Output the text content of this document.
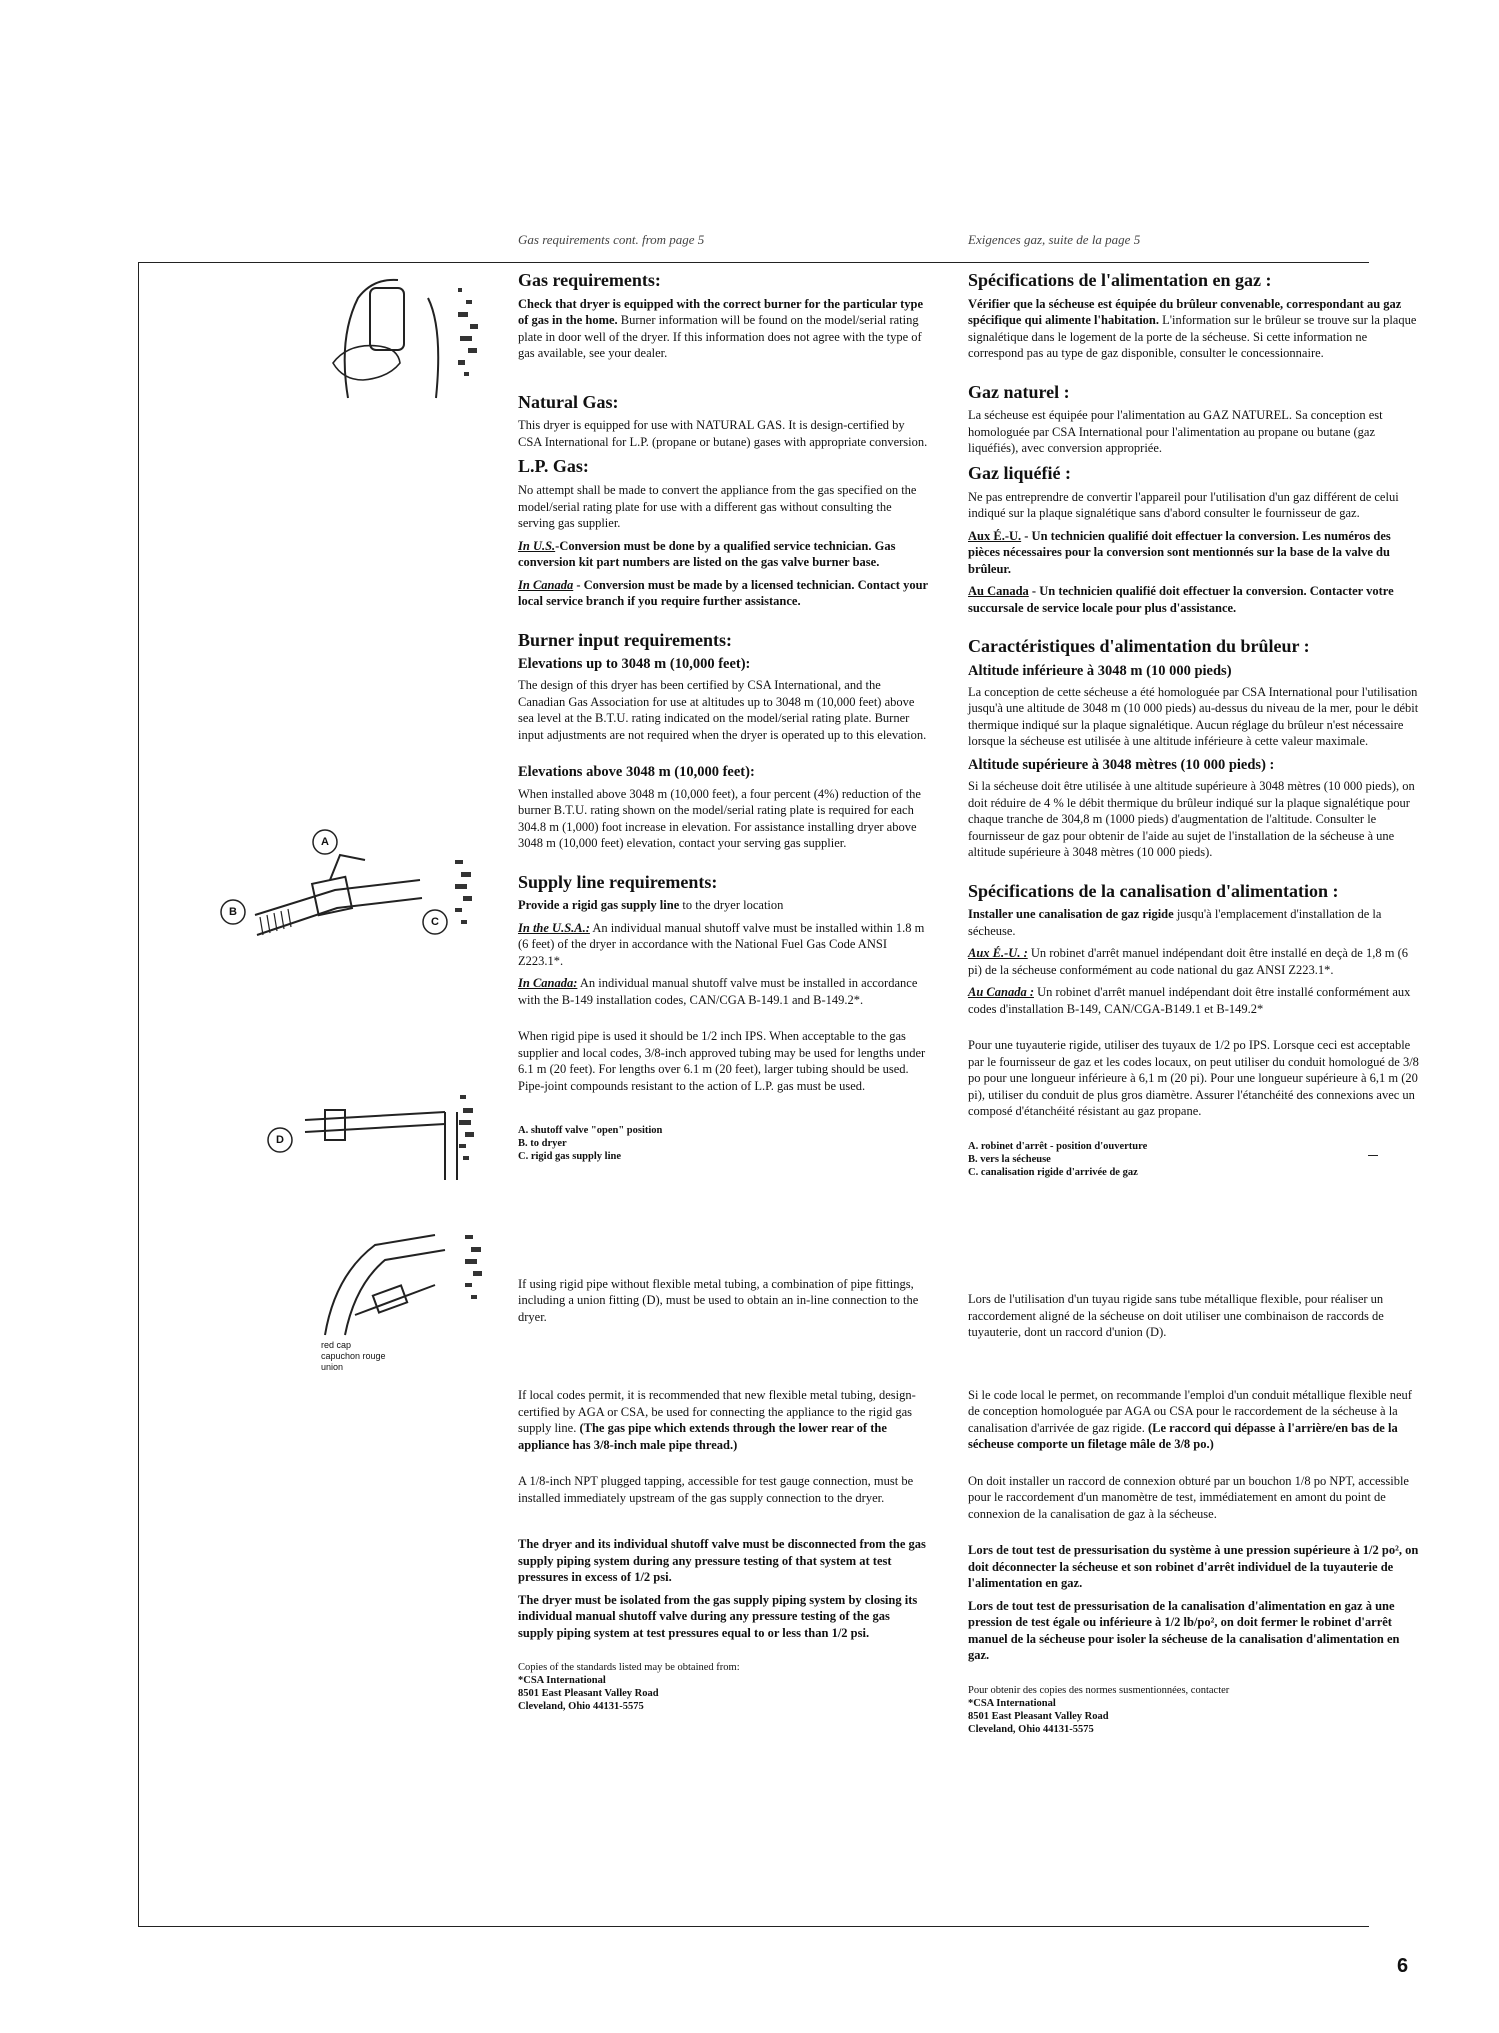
Gas requirements cont. from page 5	Exigences gaz, suite de la page 5
A
B
C
D
red cap
capuchon rouge
union
Gas requirements:
Check that dryer is equipped with the correct burner for the particular type of gas in the home. Burner information will be found on the model/serial rating plate in door well of the dryer. If this information does not agree with the type of gas available, see your dealer.
Natural Gas:
This dryer is equipped for use with NATURAL GAS. It is design-certified by CSA International for L.P. (propane or butane) gases with appropriate conversion.
L.P. Gas:
No attempt shall be made to convert the appliance from the gas specified on the model/serial rating plate for use with a different gas without consulting the serving gas supplier.
In U.S.-Conversion must be done by a qualified service technician. Gas conversion kit part numbers are listed on the gas valve burner base.
In Canada - Conversion must be made by a licensed technician. Contact your local service branch if you require further assistance.
Burner input requirements:
Elevations up to 3048 m (10,000 feet):
The design of this dryer has been certified by CSA International, and the Canadian Gas Association for use at altitudes up to 3048 m (10,000 feet) above sea level at the B.T.U. rating indicated on the model/serial rating plate. Burner input adjustments are not required when the dryer is operated up to this elevation.
Elevations above 3048 m (10,000 feet):
When installed above 3048 m (10,000 feet), a four percent (4%) reduction of the burner B.T.U. rating shown on the model/serial rating plate is required for each 304.8 m (1,000) foot increase in elevation. For assistance installing dryer above 3048 m (10,000 feet) elevation, contact your serving gas supplier.
Supply line requirements:
Provide a rigid gas supply line to the dryer location
In the U.S.A.: An individual manual shutoff valve must be installed within 1.8 m (6 feet) of the dryer in accordance with the National Fuel Gas Code ANSI Z223.1*.
In Canada: An individual manual shutoff valve must be installed in accordance with the B-149 installation codes, CAN/CGA B-149.1 and B-149.2*.
When rigid pipe is used it should be 1/2 inch IPS. When acceptable to the gas supplier and local codes, 3/8-inch approved tubing may be used for lengths under 6.1 m (20 feet). For lengths over 6.1 m (20 feet), larger tubing should be used. Pipe-joint compounds resistant to the action of L.P. gas must be used.
A. shutoff valve "open" position
B. to dryer
C. rigid gas supply line
If using rigid pipe without flexible metal tubing, a combination of pipe fittings, including a union fitting (D), must be used to obtain an in-line connection to the dryer.
If local codes permit, it is recommended that new flexible metal tubing, design-certified by AGA or CSA, be used for connecting the appliance to the rigid gas supply line. (The gas pipe which extends through the lower rear of the appliance has 3/8-inch male pipe thread.)
A 1/8-inch NPT plugged tapping, accessible for test gauge connection, must be installed immediately upstream of the gas supply connection to the dryer.
The dryer and its individual shutoff valve must be disconnected from the gas supply piping system during any pressure testing of that system at test pressures in excess of 1/2 psi.
The dryer must be isolated from the gas supply piping system by closing its individual manual shutoff valve during any pressure testing of the gas supply piping system at test pressures equal to or less than 1/2 psi.
Copies of the standards listed may be obtained from:
*CSA International
8501 East Pleasant Valley Road
Cleveland, Ohio 44131-5575
Spécifications de l'alimentation en gaz :
Vérifier que la sécheuse est équipée du brûleur convenable, correspondant au gaz spécifique qui alimente l'habitation. L'information sur le brûleur se trouve sur la plaque signalétique dans le logement de la porte de la sécheuse. Si cette information ne correspond pas au type de gaz disponible, consulter le concessionnaire.
Gaz naturel :
La sécheuse est équipée pour l'alimentation au GAZ NATUREL. Sa conception est homologuée par CSA International pour l'alimentation au propane ou butane (gaz liquéfiés), avec conversion appropriée.
Gaz liquéfié :
Ne pas entreprendre de convertir l'appareil pour l'utilisation d'un gaz différent de celui indiqué sur la plaque signalétique sans d'abord consulter le fournisseur de gaz.
Aux É.-U. - Un technicien qualifié doit effectuer la conversion. Les numéros des pièces nécessaires pour la conversion sont mentionnés sur la base de la valve du brûleur.
Au Canada - Un technicien qualifié doit effectuer la conversion. Contacter votre succursale de service locale pour plus d'assistance.
Caractéristiques d'alimentation du brûleur :
Altitude inférieure à 3048 m (10 000 pieds)
La conception de cette sécheuse a été homologuée par CSA International pour l'utilisation jusqu'à une altitude de 3048 m (10 000 pieds) au-dessus du niveau de la mer, pour le débit thermique indiqué sur la plaque signalétique. Aucun réglage du brûleur n'est nécessaire lorsque la sécheuse est utilisée à une altitude inférieure à cette valeur maximale.
Altitude supérieure à 3048 mètres (10 000 pieds) :
Si la sécheuse doit être utilisée à une altitude supérieure à 3048 mètres (10 000 pieds), on doit réduire de 4 % le débit thermique du brûleur indiqué sur la plaque signalétique pour chaque tranche de 304,8 m (1000 pieds) d'augmentation de l'altitude. Consulter le fournisseur de gaz pour obtenir de l'aide au sujet de l'installation de la sécheuse à une altitude supérieure à 3048 mètres (10 000 pieds).
Spécifications de la canalisation d'alimentation :
Installer une canalisation de gaz rigide jusqu'à l'emplacement d'installation de la sécheuse.
Aux É.-U. : Un robinet d'arrêt manuel indépendant doit être installé en deçà de 1,8 m (6 pi) de la sécheuse conformément au code national du gaz ANSI Z223.1*.
Au Canada : Un robinet d'arrêt manuel indépendant doit être installé conformément aux codes d'installation B-149, CAN/CGA-B149.1 et B-149.2*
Pour une tuyauterie rigide, utiliser des tuyaux de 1/2 po IPS. Lorsque ceci est acceptable par le fournisseur de gaz et les codes locaux, on peut utiliser du conduit homologué de 3/8 po pour une longueur inférieure à 6,1 m (20 pi). Pour une longueur supérieure à 6,1 m (20 pi), utiliser du conduit de plus gros diamètre. Assurer l'étanchéité des connexions avec un composé d'étanchéité résistant au gaz propane.
A. robinet d'arrêt - position d'ouverture
B. vers la sécheuse
C. canalisation rigide d'arrivée de gaz
Lors de l'utilisation d'un tuyau rigide sans tube métallique flexible, pour réaliser un raccordement aligné de la sécheuse on doit utiliser une combinaison de raccords de tuyauterie, dont un raccord d'union (D).
Si le code local le permet, on recommande l'emploi d'un conduit métallique flexible neuf de conception homologuée par AGA ou CSA pour le raccordement de la sécheuse à la canalisation d'arrivée de gaz rigide. (Le raccord qui dépasse à l'arrière/en bas de la sécheuse comporte un filetage mâle de 3/8 po.)
On doit installer un raccord de connexion obturé par un bouchon 1/8 po NPT, accessible pour le raccordement d'un manomètre de test, immédiatement en amont du point de connexion de la canalisation de gaz à la sécheuse.
Lors de tout test de pressurisation du système à une pression supérieure à 1/2 po², on doit déconnecter la sécheuse et son robinet d'arrêt individuel de la tuyauterie de l'alimentation en gaz.
Lors de tout test de pressurisation de la canalisation d'alimentation en gaz à une pression de test égale ou inférieure à 1/2 lb/po², on doit fermer le robinet d'arrêt manuel de la sécheuse pour isoler la sécheuse de la canalisation d'alimentation en gaz.
Pour obtenir des copies des normes susmentionnées, contacter
*CSA International
8501 East Pleasant Valley Road
Cleveland, Ohio 44131-5575
6
